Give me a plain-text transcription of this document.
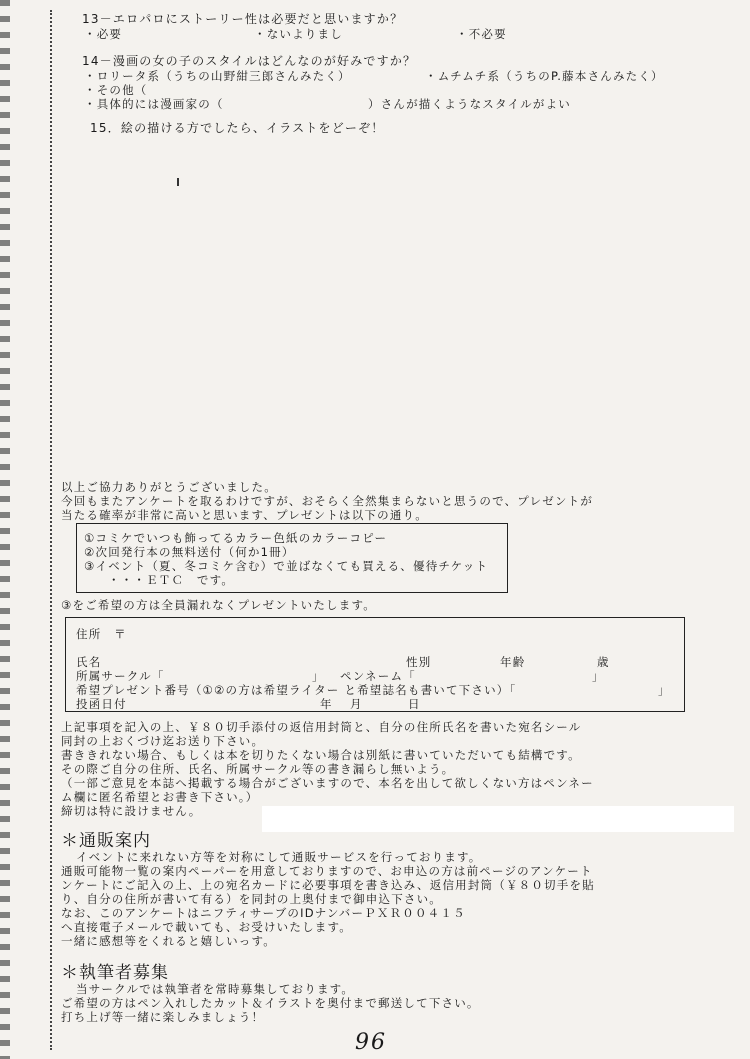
13－エロパロにストーリー性は必要だと思いますか？
・必要	・ないよりまし	・不必要
14－漫画の女の子のスタイルはどんなのが好みですか？
・ロリータ系（うちの山野紺三郎さんみたく）	・ムチムチ系（うちのP.藤本さんみたく）
・その他（
・具体的には漫画家の（	）さんが描くようなスタイルがよい
15．絵の描ける方でしたら、イラストをどーぞ！
以上ご協力ありがとうございました。
今回もまたアンケートを取るわけですが、おそらく全然集まらないと思うので、プレゼントが
当たる確率が非常に高いと思います、プレゼントは以下の通り。
①コミケでいつも飾ってるカラー色紙のカラーコピー
②次回発行本の無料送付（何か1冊）
③イベント（夏、冬コミケ含む）で並ばなくても買える、優待チケット
・・・ＥＴＣ　です。
③をご希望の方は全員漏れなくプレゼントいたします。
住所　〒
氏名	性別	年齢	歳
所属サークル「	」 ペンネーム「	」
希望プレゼント番号（①②の方は希望ライター と希望誌名も書いて下さい）「	」
投函日付	年 月	日
上記事項を記入の上、￥８０切手添付の返信用封筒と、自分の住所氏名を書いた宛名シール
同封の上おくづけ迄お送り下さい。
書ききれない場合、もしくは本を切りたくない場合は別紙に書いていただいても結構です。
その際ご自分の住所、氏名、所属サークル等の書き漏らし無いよう。
（一部ご意見を本誌へ掲載する場合がございますので、本名を出して欲しくない方はペンネー
ム欄に匿名希望とお書き下さい。）
締切は特に設けません。
＊通販案内
イベントに来れない方等を対称にして通販サービスを行っております。
通販可能物一覧の案内ペーパーを用意しておりますので、お申込の方は前ページのアンケート
ンケートにご記入の上、上の宛名カードに必要事項を書き込み、返信用封筒（￥８０切手を貼
り、自分の住所が書いて有る）を同封の上奥付まで御申込下さい。
なお、このアンケートはニフティサーブのIDナンバーＰＸＲ００４１５
へ直接電子メールで載いても、お受けいたします。
一緒に感想等をくれると嬉しいっす。
＊執筆者募集
当サークルでは執筆者を常時募集しております。
ご希望の方はペン入れしたカット＆イラストを奥付まで郵送して下さい。
打ち上げ等一緒に楽しみましょう！
96
